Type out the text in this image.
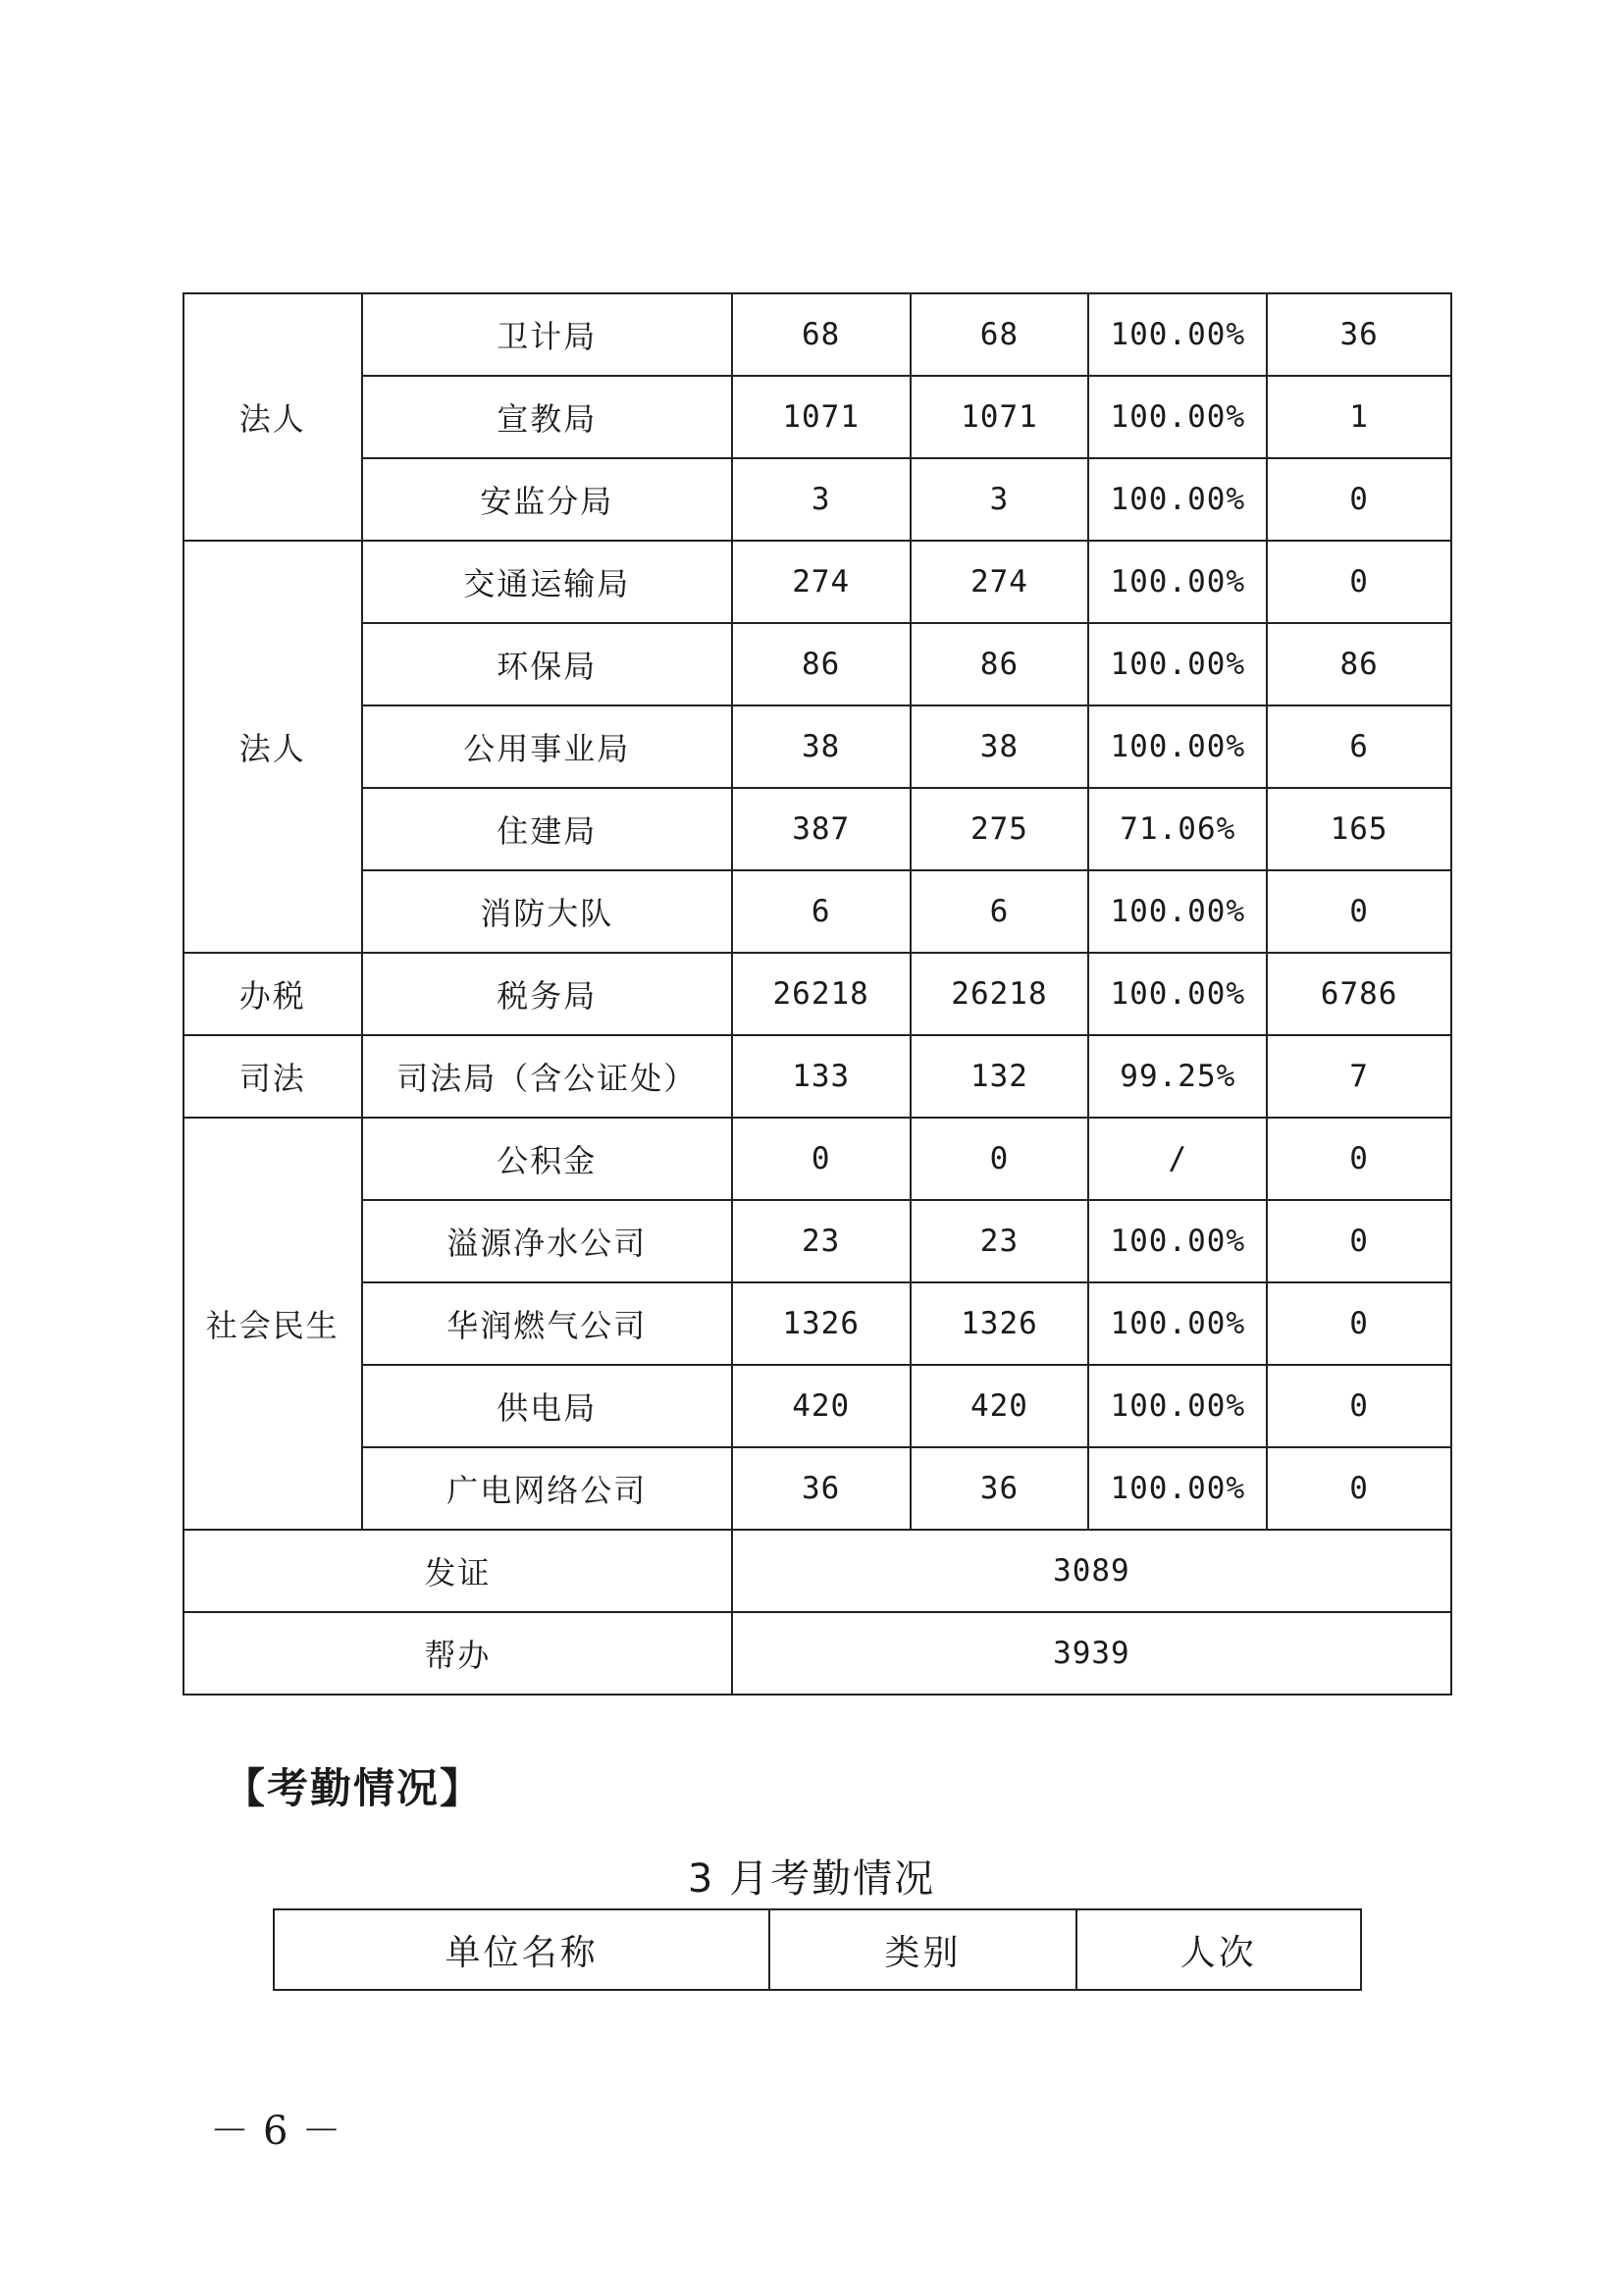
法人	卫计局	68	68	100.00%	36
	宣教局	1071	1071	100.00%	1
	安监分局	3	3	100.00%	0
法人	交通运输局	274	274	100.00%	0
	环保局	86	86	100.00%	86
	公用事业局	38	38	100.00%	6
	住建局	387	275	71.06%	165
	消防大队	6	6	100.00%	0
办税	税务局	26218	26218	100.00%	6786
司法	司法局（含公证处）	133	132	99.25%	7
社会民生	公积金	0	0	/	0
	溢源净水公司	23	23	100.00%	0
	华润燃气公司	1326	1326	100.00%	0
	供电局	420	420	100.00%	0
	广电网络公司	36	36	100.00%	0
发证		3089			
帮办		3939			
【考勤情况】

3 月考勤情况

单位名称	类别	人次

－6－
